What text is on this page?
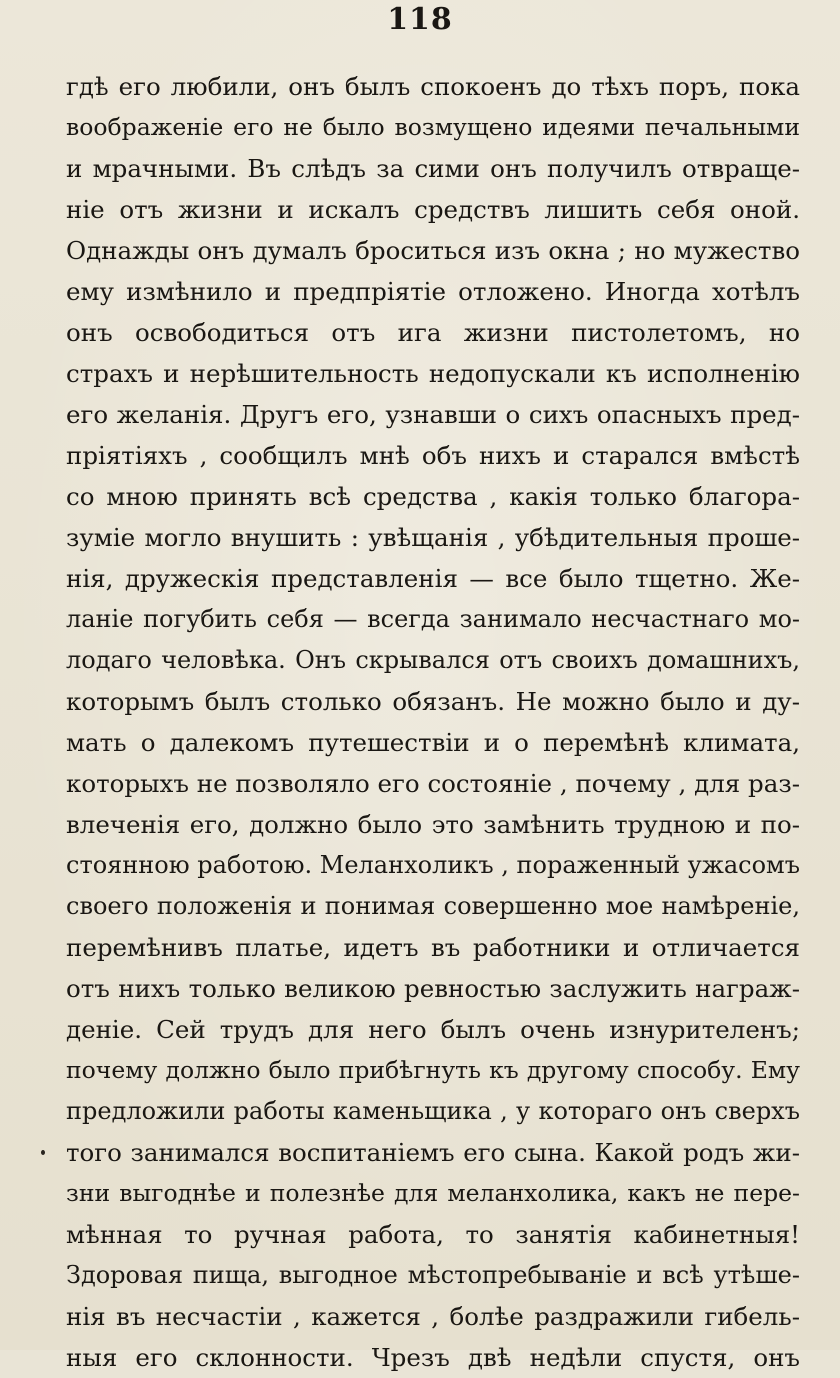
118
гдѣ его любили, онъ былъ спокоенъ до тѣхъ поръ, пока
воображеніе его не было возмущено идеями печальными
и мрачными. Въ слѣдъ за сими онъ получилъ отвраще-
ніе отъ жизни и искалъ средствъ лишить себя оной.
Однажды онъ думалъ броситься изъ окна ; но мужество
ему измѣнило и предпріятіе отложено. Иногда хотѣлъ
онъ освободиться отъ ига жизни пистолетомъ, но
страхъ и нерѣшительность недопускали къ исполненію
его желанія. Другъ его, узнавши о сихъ опасныхъ пред-
пріятіяхъ , сообщилъ мнѣ объ нихъ и старался вмѣстѣ
со мною принять всѣ средства , какія только благора-
зуміе могло внушить : увѣщанія , убѣдительныя проше-
нія, дружескія представленія — все было тщетно. Же-
ланіе погубить себя — всегда занимало несчастнаго мо-
лодаго человѣка. Онъ скрывался отъ своихъ домашнихъ,
которымъ былъ столько обязанъ. Не можно было и ду-
мать о далекомъ путешествіи и о перемѣнѣ климата,
которыхъ не позволяло его состояніе , почему , для раз-
влеченія его, должно было это замѣнить трудною и по-
стоянною работою. Меланхоликъ , пораженный ужасомъ
своего положенія и понимая совершенно мое намѣреніе,
перемѣнивъ платье, идетъ въ работники и отличается
отъ нихъ только великою ревностью заслужить награж-
деніе. Сей трудъ для него былъ очень изнурителенъ;
почему должно было прибѣгнуть къ другому способу. Ему
предложили работы каменьщика , у котораго онъ сверхъ
того занимался воспитаніемъ его сына. Какой родъ жи-
зни выгоднѣе и полезнѣе для меланхолика, какъ не пере-
мѣнная то ручная работа, то занятія кабинетныя!
Здоровая пища, выгодное мѣстопребываніе и всѣ утѣше-
нія въ несчастіи , кажется , болѣе раздражили гибель-
ныя его склонности. Чрезъ двѣ недѣли спустя, онъ
